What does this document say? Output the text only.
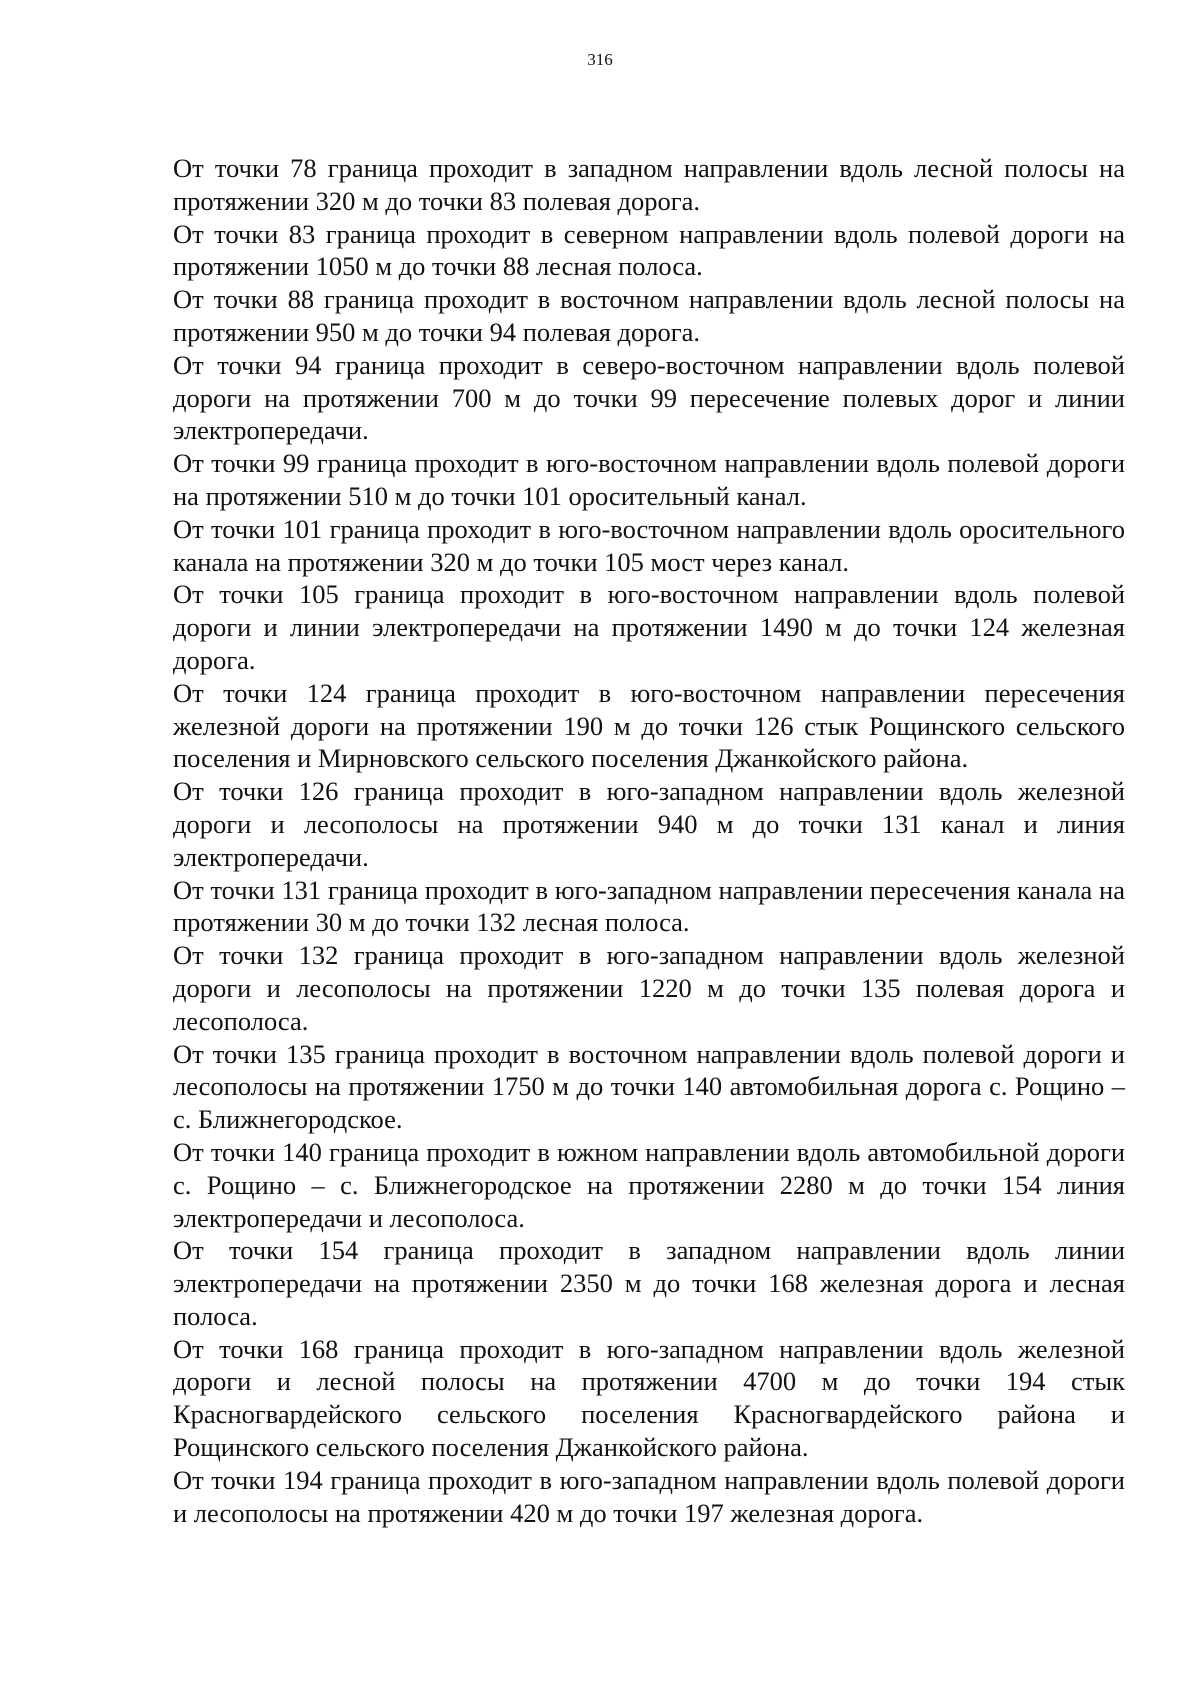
316

От точки 78 граница проходит в западном направлении вдоль лесной полосы на протяжении 320 м до точки 83 полевая дорога.

От точки 83 граница проходит в северном направлении вдоль полевой дороги на протяжении 1050 м до точки 88 лесная полоса.

От точки 88 граница проходит в восточном направлении вдоль лесной полосы на протяжении 950 м до точки 94 полевая дорога.

От точки 94 граница проходит в северо-восточном направлении вдоль полевой дороги на протяжении 700 м до точки 99 пересечение полевых дорог и линии электропередачи.

От точки 99 граница проходит в юго-восточном направлении вдоль полевой дороги на протяжении 510 м до точки 101 оросительный канал.

От точки 101 граница проходит в юго-восточном направлении вдоль оросительного канала на протяжении 320 м до точки 105 мост через канал.

От точки 105 граница проходит в юго-восточном направлении вдоль полевой дороги и линии электропередачи на протяжении 1490 м до точки 124 железная дорога.

От точки 124 граница проходит в юго-восточном направлении пересечения железной дороги на протяжении 190 м до точки 126 стык Рощинского сельского поселения и Мирновского сельского поселения Джанкойского района.

От точки 126 граница проходит в юго-западном направлении вдоль железной дороги и лесополосы на протяжении 940 м до точки 131 канал и линия электропередачи.

От точки 131 граница проходит в юго-западном направлении пересечения канала на протяжении 30 м до точки 132 лесная полоса.

От точки 132 граница проходит в юго-западном направлении вдоль железной дороги и лесополосы на протяжении 1220 м до точки 135 полевая дорога и лесополоса.

От точки 135 граница проходит в восточном направлении вдоль полевой дороги и лесополосы на протяжении 1750 м до точки 140 автомобильная дорога с. Рощино – с. Ближнегородское.

От точки 140 граница проходит в южном направлении вдоль автомобильной дороги с. Рощино – с. Ближнегородское на протяжении 2280 м до точки 154 линия электропередачи и лесополоса.

От точки 154 граница проходит в западном направлении вдоль линии электропередачи на протяжении 2350 м до точки 168 железная дорога и лесная полоса.

От точки 168 граница проходит в юго-западном направлении вдоль железной дороги и лесной полосы на протяжении 4700 м до точки 194 стык Красногвардейского сельского поселения Красногвардейского района и Рощинского сельского поселения Джанкойского района.

От точки 194 граница проходит в юго-западном направлении вдоль полевой дороги и лесополосы на протяжении 420 м до точки 197 железная дорога.
